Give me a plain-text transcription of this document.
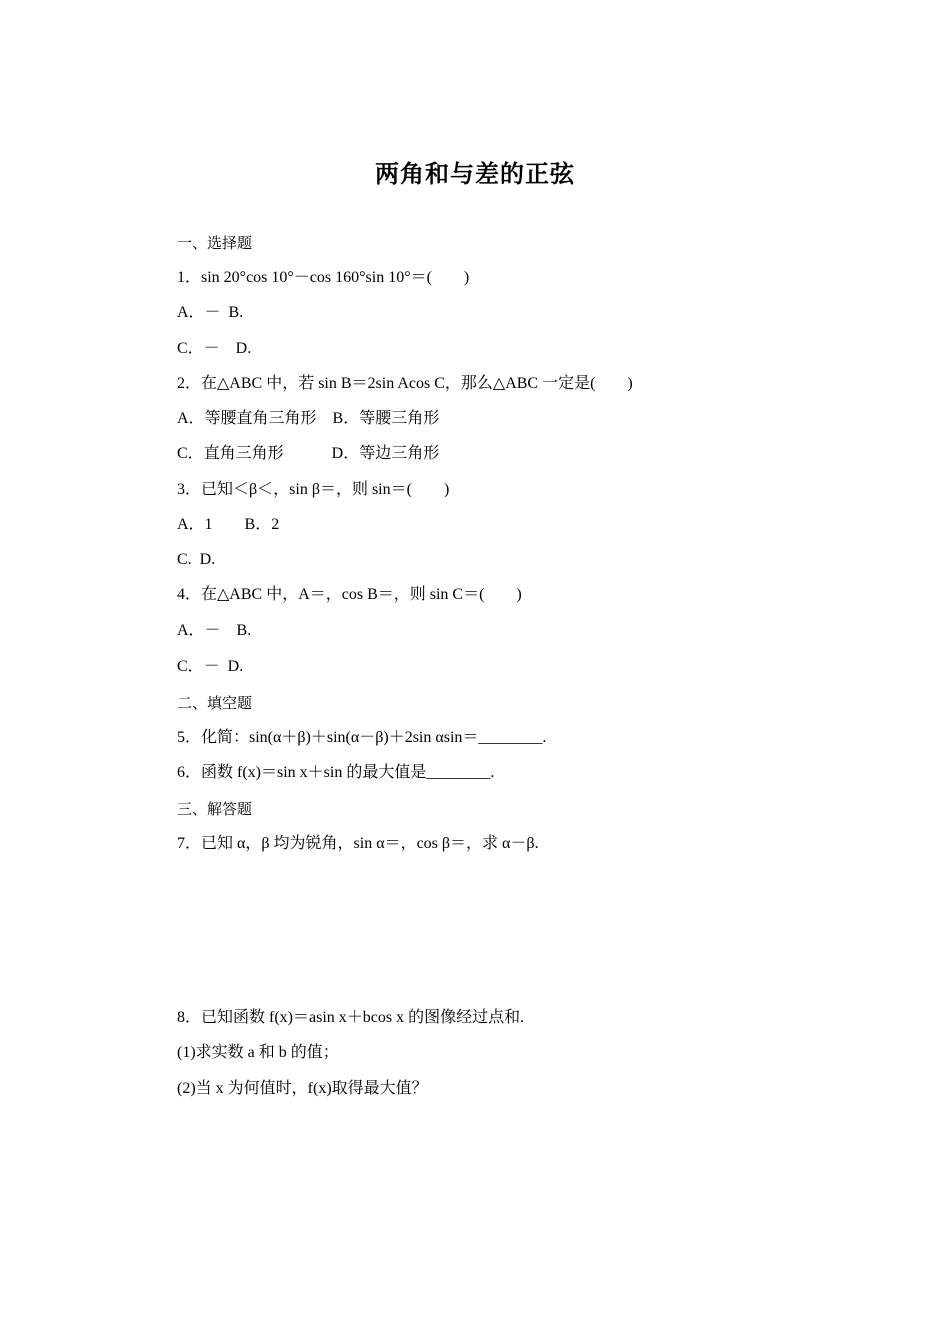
两角和与差的正弦

一、选择题

1．sin 20°cos 10°－cos 160°sin 10°＝(　　)

A．－  B.

C．－    D.

2．在△ABC 中，若 sin B＝2sin Acos C，那么△ABC 一定是(　　)

A．等腰直角三角形　B．等腰三角形

C．直角三角形　　　D．等边三角形

3．已知＜β＜，sin β＝，则 sin＝(　　)

A．1　　B．2

C.  D.

4．在△ABC 中，A＝，cos B＝，则 sin C＝(　　)

A．－    B.

C．－  D.

二、填空题

5．化简：sin(α＋β)＋sin(α－β)＋2sin αsin＝________.

6．函数 f(x)＝sin x＋sin 的最大值是________.

三、解答题

7．已知 α，β 均为锐角，sin α＝，cos β＝，求 α－β.

8．已知函数 f(x)＝asin x＋bcos x 的图像经过点和.

(1)求实数 a 和 b 的值；

(2)当 x 为何值时，f(x)取得最大值？
